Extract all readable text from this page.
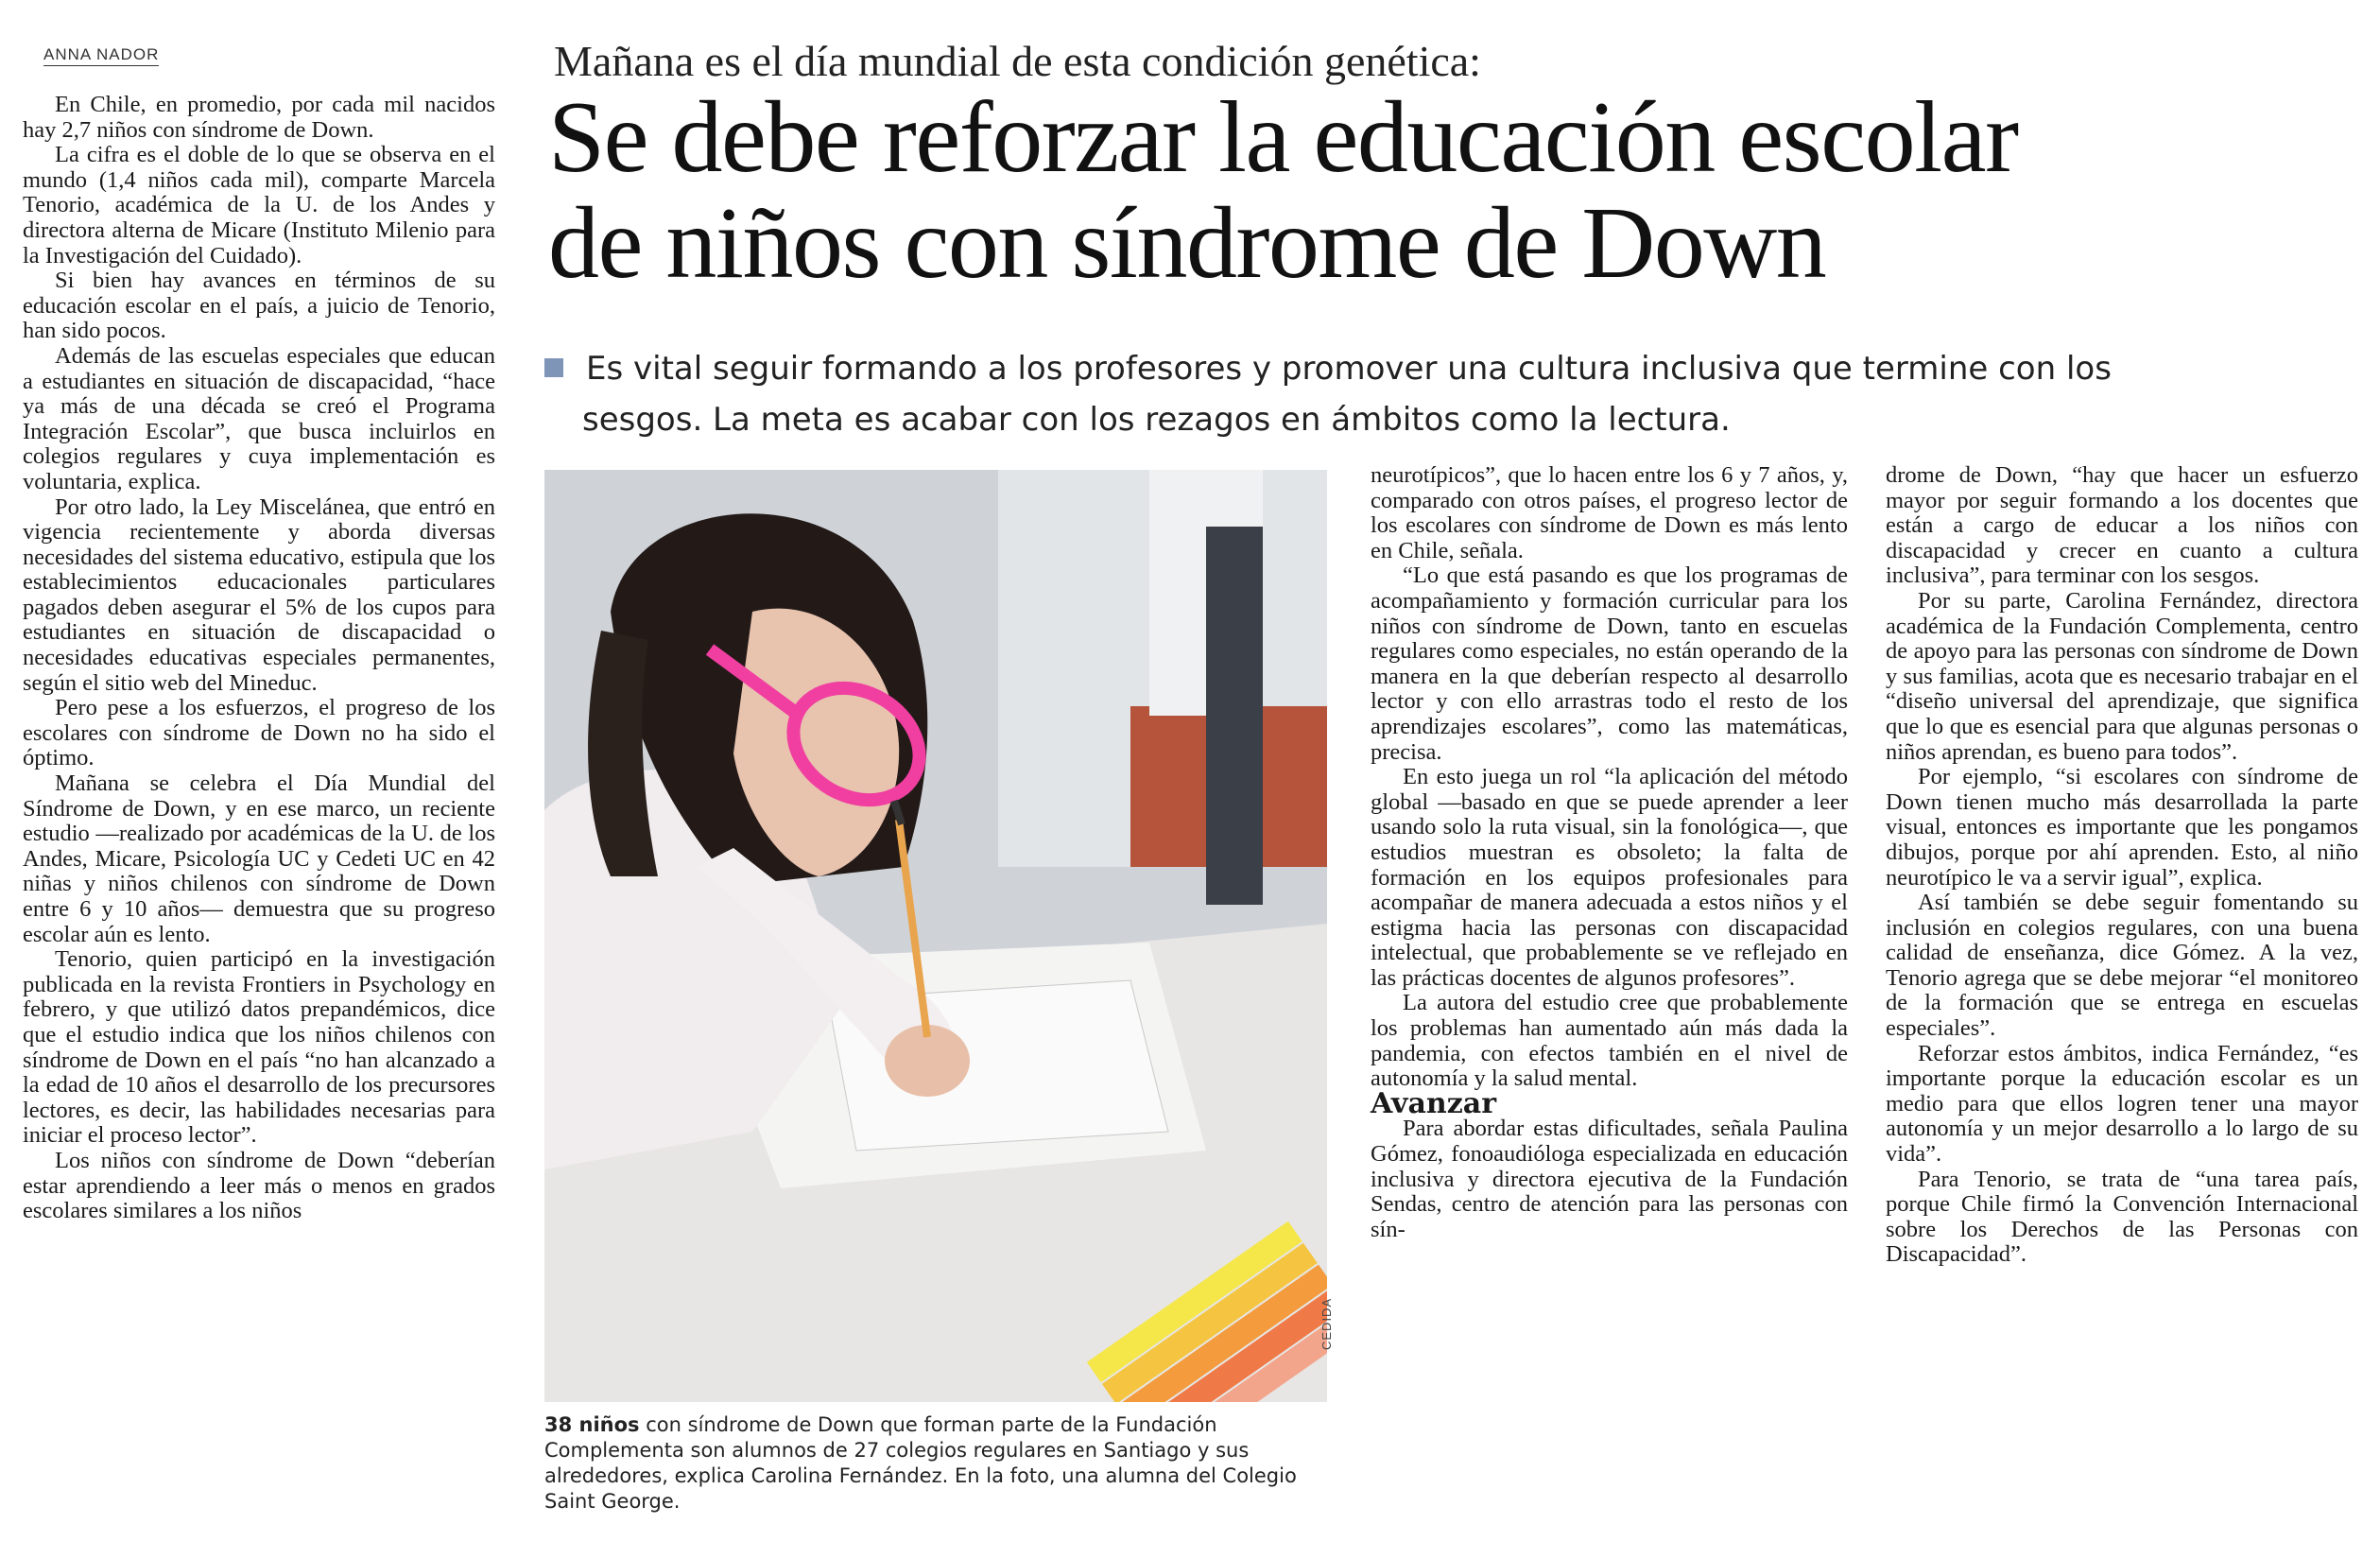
ANNA NADOR

En Chile, en promedio, por cada mil nacidos hay 2,7 niños con síndrome de Down.

La cifra es el doble de lo que se observa en el mundo (1,4 niños cada mil), comparte Marcela Tenorio, académica de la U. de los Andes y directora alterna de Micare (Instituto Milenio para la Investigación del Cuidado).

Si bien hay avances en términos de su educación escolar en el país, a juicio de Tenorio, han sido pocos.

Además de las escuelas especiales que educan a estudiantes en situación de discapacidad, “hace ya más de una década se creó el Programa Integración Escolar”, que busca incluirlos en colegios regulares y cuya implementación es voluntaria, explica.

Por otro lado, la Ley Miscelánea, que entró en vigencia recientemente y aborda diversas necesidades del sistema educativo, estipula que los establecimientos educacionales particulares pagados deben asegurar el 5% de los cupos para estudiantes en situación de discapacidad o necesidades educativas especiales permanentes, según el sitio web del Mineduc.

Pero pese a los esfuerzos, el progreso de los escolares con síndrome de Down no ha sido el óptimo.

Mañana se celebra el Día Mundial del Síndrome de Down, y en ese marco, un reciente estudio —realizado por académicas de la U. de los Andes, Micare, Psicología UC y Cedeti UC en 42 niñas y niños chilenos con síndrome de Down entre 6 y 10 años— demuestra que su progreso escolar aún es lento.

Tenorio, quien participó en la investigación publicada en la revista Frontiers in Psychology en febrero, y que utilizó datos prepandémicos, dice que el estudio indica que los niños chilenos con síndrome de Down en el país “no han alcanzado a la edad de 10 años el desarrollo de los precursores lectores, es decir, las habilidades necesarias para iniciar el proceso lector”.

Los niños con síndrome de Down “deberían estar aprendiendo a leer más o menos en grados escolares similares a los niños

Mañana es el día mundial de esta condición genética:
Se debe reforzar la educación escolar
de niños con síndrome de Down
Es vital seguir formando a los profesores y promover una cultura inclusiva que termine con los
sesgos. La meta es acabar con los rezagos en ámbitos como la lectura.
CEDIDA
38 niños con síndrome de Down que forman parte de la Fundación Complementa son alumnos de 27 colegios regulares en Santiago y sus alrededores, explica Carolina Fernández. En la foto, una alumna del Colegio Saint George.

neurotípicos”, que lo hacen entre los 6 y 7 años, y, comparado con otros países, el progreso lector de los escolares con síndrome de Down es más lento en Chile, señala.

“Lo que está pasando es que los programas de acompañamiento y formación curricular para los niños con síndrome de Down, tanto en escuelas regulares como especiales, no están operando de la manera en la que deberían respecto al desarrollo lector y con ello arrastras todo el resto de los aprendizajes escolares”, como las matemáticas, precisa.

En esto juega un rol “la aplicación del método global —basado en que se puede aprender a leer usando solo la ruta visual, sin la fonológica—, que estudios muestran es obsoleto; la falta de formación en los equipos profesionales para acompañar de manera adecuada a estos niños y el estigma hacia las personas con discapacidad intelectual, que probablemente se ve reflejado en las prácticas docentes de algunos profesores”.

La autora del estudio cree que probablemente los problemas han aumentado aún más dada la pandemia, con efectos también en el nivel de autonomía y la salud mental.

Avanzar

Para abordar estas dificultades, señala Paulina Gómez, fonoaudióloga especializada en educación inclusiva y directora ejecutiva de la Fundación Sendas, centro de atención para las personas con sín-

drome de Down, “hay que hacer un esfuerzo mayor por seguir formando a los docentes que están a cargo de educar a los niños con discapacidad y crecer en cuanto a cultura inclusiva”, para terminar con los sesgos.

Por su parte, Carolina Fernández, directora académica de la Fundación Complementa, centro de apoyo para las personas con síndrome de Down y sus familias, acota que es necesario trabajar en el “diseño universal del aprendizaje, que significa que lo que es esencial para que algunas personas o niños aprendan, es bueno para todos”.

Por ejemplo, “si escolares con síndrome de Down tienen mucho más desarrollada la parte visual, entonces es importante que les pongamos dibujos, porque por ahí aprenden. Esto, al niño neurotípico le va a servir igual”, explica.

Así también se debe seguir fomentando su inclusión en colegios regulares, con una buena calidad de enseñanza, dice Gómez. A la vez, Tenorio agrega que se debe mejorar “el monitoreo de la formación que se entrega en escuelas especiales”.

Reforzar estos ámbitos, indica Fernández, “es importante porque la educación escolar es un medio para que ellos logren tener una mayor autonomía y un mejor desarrollo a lo largo de su vida”.

Para Tenorio, se trata de “una tarea país, porque Chile firmó la Convención Internacional sobre los Derechos de las Personas con Discapacidad”.
